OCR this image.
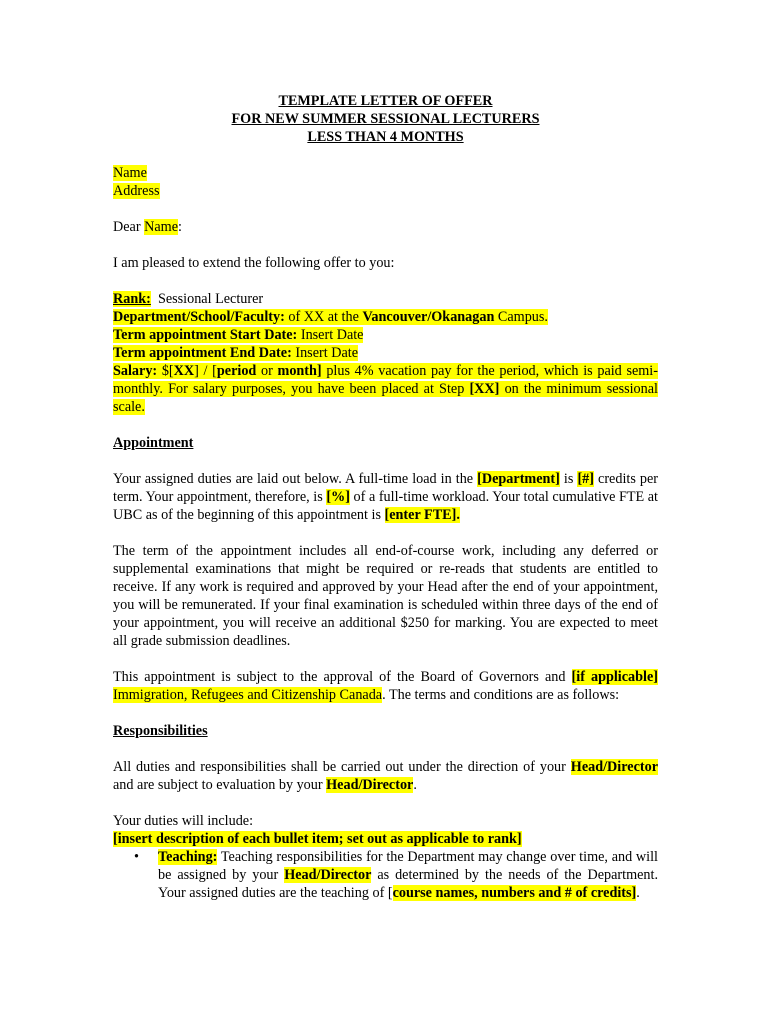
TEMPLATE LETTER OF OFFER
FOR NEW SUMMER SESSIONAL LECTURERS
LESS THAN 4 MONTHS
Name
Address
Dear Name:
I am pleased to extend the following offer to you:
Rank: Sessional Lecturer
Department/School/Faculty: of XX at the Vancouver/Okanagan Campus.
Term appointment Start Date: Insert Date
Term appointment End Date: Insert Date
Salary: $[XX] / [period or month] plus 4% vacation pay for the period, which is paid semi-monthly. For salary purposes, you have been placed at Step [XX] on the minimum sessional scale.
Appointment
Your assigned duties are laid out below. A full-time load in the [Department] is [#] credits per term. Your appointment, therefore, is [%] of a full-time workload. Your total cumulative FTE at UBC as of the beginning of this appointment is [enter FTE].
The term of the appointment includes all end-of-course work, including any deferred or supplemental examinations that might be required or re-reads that students are entitled to receive. If any work is required and approved by your Head after the end of your appointment, you will be remunerated. If your final examination is scheduled within three days of the end of your appointment, you will receive an additional $250 for marking. You are expected to meet all grade submission deadlines.
This appointment is subject to the approval of the Board of Governors and [if applicable] Immigration, Refugees and Citizenship Canada. The terms and conditions are as follows:
Responsibilities
All duties and responsibilities shall be carried out under the direction of your Head/Director and are subject to evaluation by your Head/Director.
Your duties will include:
[insert description of each bullet item; set out as applicable to rank]
• Teaching: Teaching responsibilities for the Department may change over time, and will be assigned by your Head/Director as determined by the needs of the Department. Your assigned duties are the teaching of [course names, numbers and # of credits].
